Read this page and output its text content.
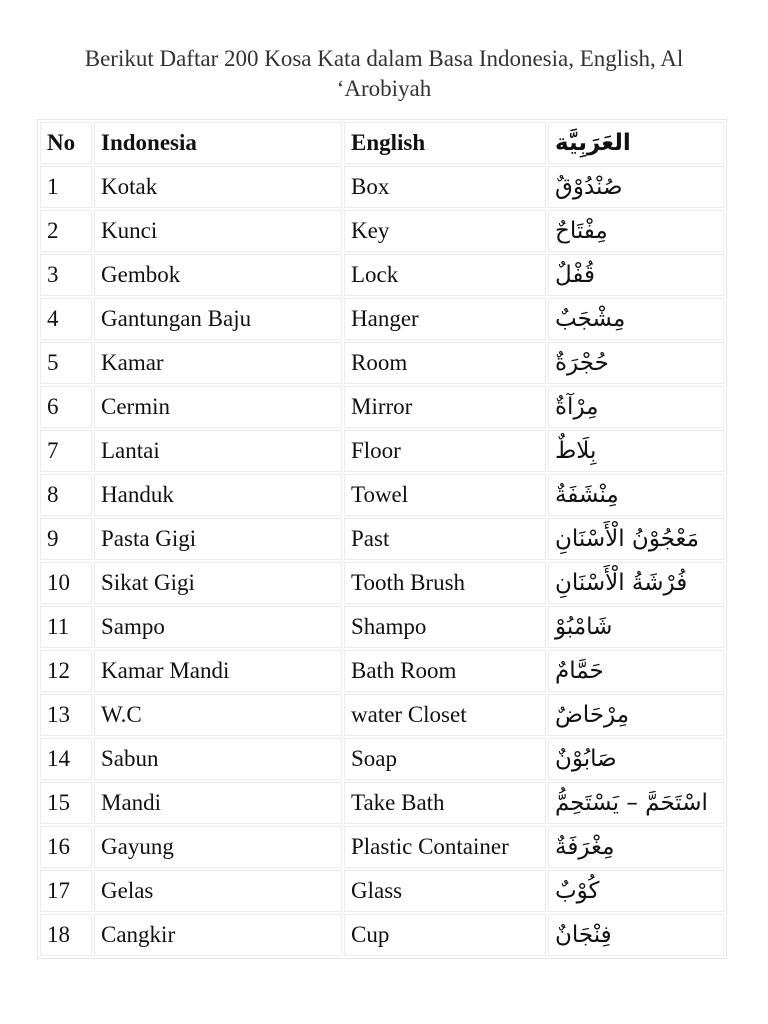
Berikut Daftar 200 Kosa Kata dalam Basa Indonesia, English, Al ‘Arobiyah
No	Indonesia	English	العَرَبِيَّة
1	Kotak	Box	صُنْدُوْقٌ
2	Kunci	Key	مِفْتَاحٌ
3	Gembok	Lock	قُفْلٌ
4	Gantungan Baju	Hanger	مِشْجَبٌ
5	Kamar	Room	حُجْرَةٌ
6	Cermin	Mirror	مِرْآةٌ
7	Lantai	Floor	بِلَاطٌ
8	Handuk	Towel	مِنْشَفَةٌ
9	Pasta Gigi	Past	مَعْجُوْنُ الْأَسْنَانِ
10	Sikat Gigi	Tooth Brush	فُرْشَةُ الْأَسْنَانِ
11	Sampo	Shampo	شَامْبُوْ
12	Kamar Mandi	Bath Room	حَمَّامٌ
13	W.C	water Closet	مِرْحَاضٌ
14	Sabun	Soap	صَابُوْنٌ
15	Mandi	Take Bath	اسْتَحَمَّ – يَسْتَحِمُّ
16	Gayung	Plastic Container	مِغْرَفَةٌ
17	Gelas	Glass	كُوْبٌ
18	Cangkir	Cup	فِنْجَانٌ
